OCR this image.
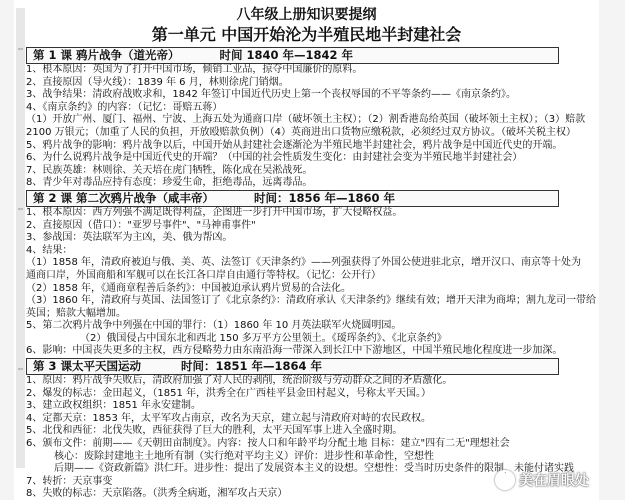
八年级上册知识要提纲
第一单元 中国开始沦为半殖民地半封建社会
第 1 课 鸦片战争（道光帝）	时间 1840 年—1842 年
1、根本原因：英国为了打开中国市场，倾销工业品，掠夺中国廉价的原料。
2、直接原因（导火线）：1839 年 6 月，林则徐虎门销烟。
3、战争结果：清政府战败求和，1842 年签订中国近代历史上第一个丧权辱国的不平等条约——《南京条约》。
4、《南京条约》的内容：（记忆：哥赔五蒋）
（1）开放广州、厦门、福州、宁波、上海五处为通商口岸（破坏领土主权）；（2）割香港岛给英国（破坏领土主权）；（3）赔款
2100 万银元；（加重了人民的负担，开放殴赔款负例）（4）英商进出口货物应缴税款，必须经过双方协议。（破坏关税主权）
5、鸦片战争的影响：鸦片战争以后，中国开始从封建社会逐渐沦为半殖民地半封建社会，鸦片战争是中国近代史的开端。
6、为什么说鸦片战争是中国近代史的开端？（中国的社会性质发生变化：由封建社会变为半殖民地半封建社会）
7、民族英雄：林则徐、关天培在虎门牺牲，陈化成在吴淞战死。
8、青少年对毒品应持有态度：珍爱生命，拒绝毒品，远离毒品。
第 2 课 第二次鸦片战争（咸丰帝）	时间：1856 年—1860 年
1、根本原因：西方列强不满足既得利益，企图进一步打开中国市场，扩大侵略权益。
2、直接原因（借口）："亚罗号事件"、"马神甫事件"
3、参战国：英法联军为主凶，美、俄为帮凶。
4、结果：
（1）1858 年，清政府被迫与俄、美、英、法签订《天津条约》——列强获得了外国公使进驻北京，增开汉口、南京等十处为
通商口岸，外国商船和军舰可以在长江各口岸自由通行等特权。（记忆：公开行）
（2）1858 年，《通商章程善后条约》：中国被迫承认鸦片贸易的合法化。
（3）1860 年，清政府与英国、法国签订了《北京条约》：清政府承认《天津条约》继续有效；增开天津为商埠；割九龙司一带给
英国；赔款大幅增加。
5、第二次鸦片战争中列强在中国的罪行：（1）1860 年 10 月英法联军火烧圆明园。
（2）俄国侵占中国东北和西北 150 多万平方公里领土。《瑷珲条约》、《北京条约》
6、影响：中国丧失更多的主权，西方侵略势力由东南沿海一带深入到长江中下游地区，中国半殖民地化程度进一步加深。
第 3 课太平天国运动	时间：1851 年—1864 年
1、原因：鸦片战争失败后，清政府加强了对人民的剥削，统治阶级与劳动群众之间的矛盾激化。
2、爆发的标志：金田起义，（1851 年，洪秀全在广西桂平县金田村起义，号称太平天国。）
3、建立政权组织：1851 年永安建制。
4、定都天京：1853 年，太平军攻占南京，改名为天京，建立起与清政府对峙的农民政权。
5、北伐和西征：北伐失败，西征获得了巨大的胜利，太平天国军事上进入全盛时期。
6、颁布文件：前期——《天朝田亩制度》。内容：按人口和年龄平均分配土地 目标：建立"四有二无"理想社会
核心：废除封建地主土地所有制（实行绝对平均主义）评价：进步性和革命性，空想性
后期——《资政新篇》洪仁玕。进步性：提出了发展资本主义的设想。空想性：受当时历史条件的限制，未能付诸实践
7、转折：天京事变
8、失败的标志：天京陷落。（洪秀全病逝，湘军攻占天京）
美在眉眼处
